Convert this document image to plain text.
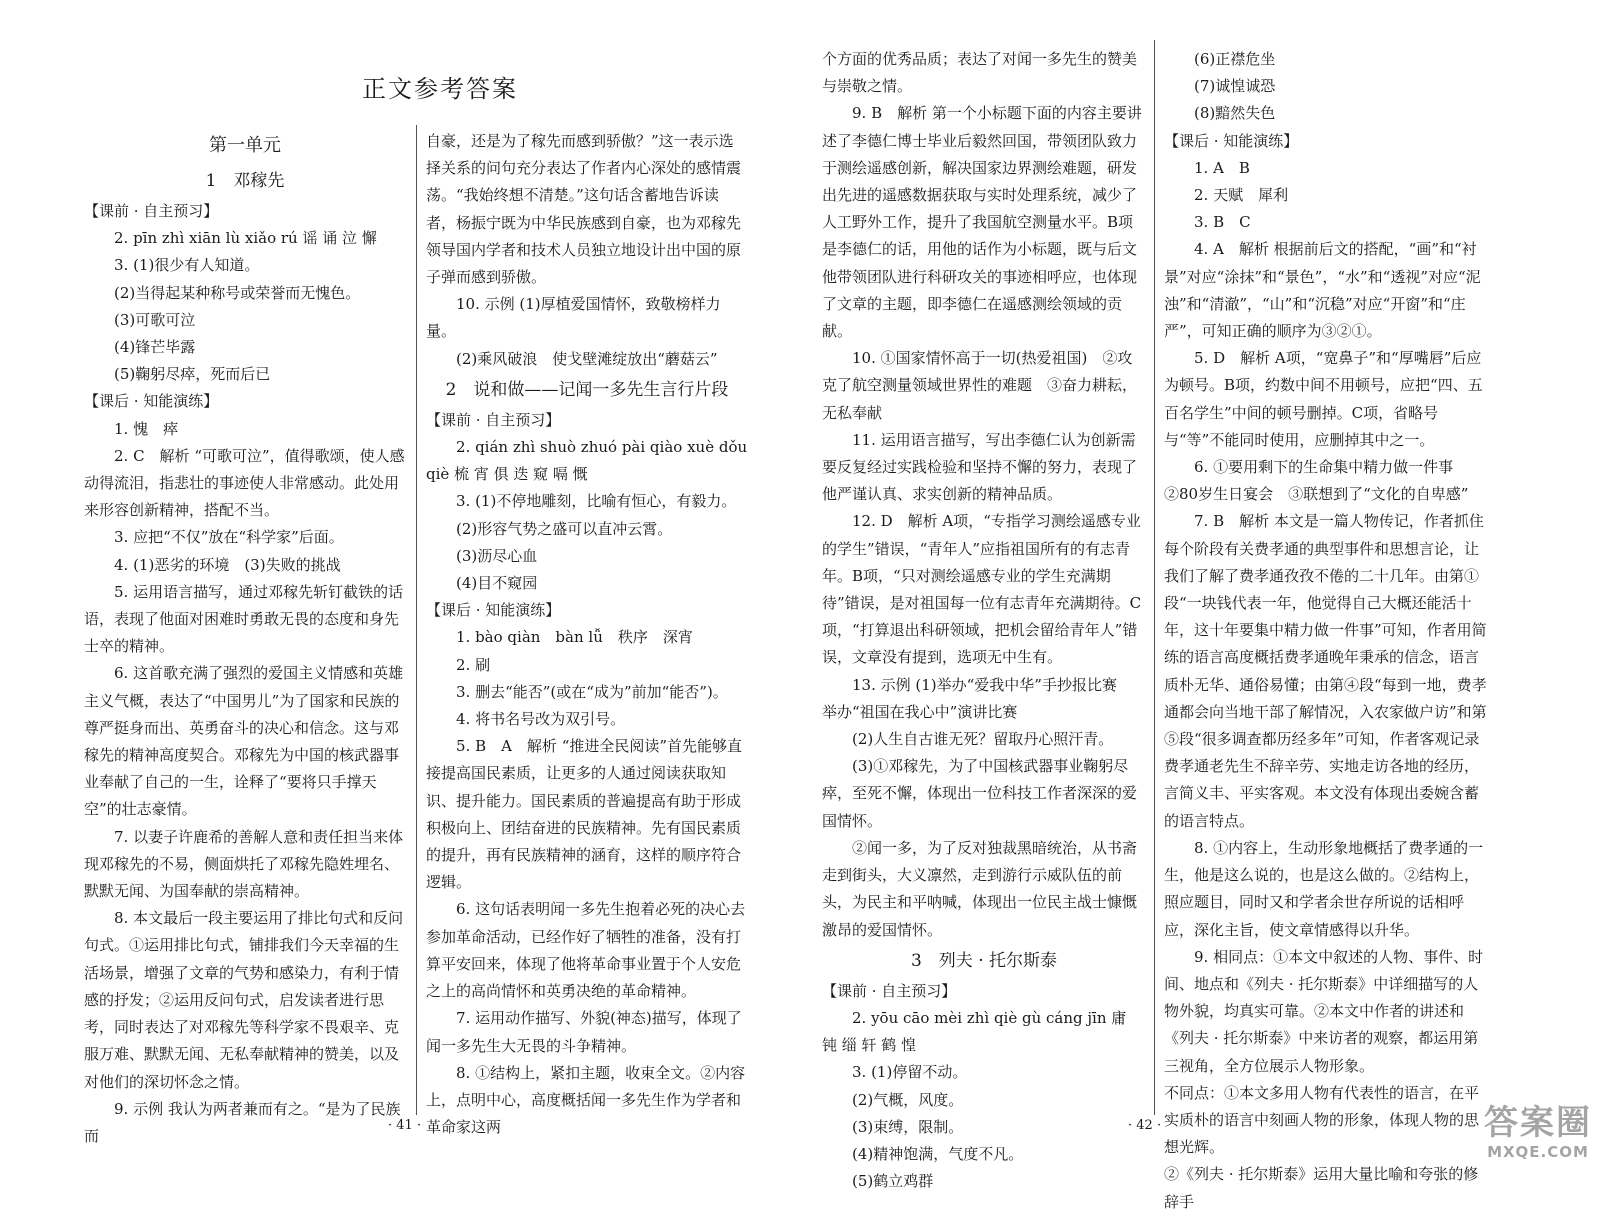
正文参考答案
第一单元
1　邓稼先

【课前 · 自主预习】

2. pīn zhì xiān lù xiǎo rú 谣 诵 泣 懈

3. (1)很少有人知道。

(2)当得起某种称号或荣誉而无愧色。

(3)可歌可泣

(4)锋芒毕露

(5)鞠躬尽瘁，死而后已

【课后 · 知能演练】

1. 愧　瘁

2. C　解析 “可歌可泣”，值得歌颂，使人感动得流泪，指悲壮的事迹使人非常感动。此处用来形容创新精神，搭配不当。

3. 应把“不仅”放在“科学家”后面。

4. (1)恶劣的环境　(3)失败的挑战

5. 运用语言描写，通过邓稼先斩钉截铁的话语，表现了他面对困难时勇敢无畏的态度和身先士卒的精神。

6. 这首歌充满了强烈的爱国主义情感和英雄主义气概，表达了“中国男儿”为了国家和民族的尊严挺身而出、英勇奋斗的决心和信念。这与邓稼先的精神高度契合。邓稼先为中国的核武器事业奉献了自己的一生，诠释了“要将只手撑天空”的壮志豪情。

7. 以妻子许鹿希的善解人意和责任担当来体现邓稼先的不易，侧面烘托了邓稼先隐姓埋名、默默无闻、为国奉献的崇高精神。

8. 本文最后一段主要运用了排比句式和反问句式。①运用排比句式，铺排我们今天幸福的生活场景，增强了文章的气势和感染力，有利于情感的抒发；②运用反问句式，启发读者进行思考，同时表达了对邓稼先等科学家不畏艰辛、克服万难、默默无闻、无私奉献精神的赞美，以及对他们的深切怀念之情。

9. 示例 我认为两者兼而有之。“是为了民族而

自豪，还是为了稼先而感到骄傲？”这一表示选择关系的问句充分表达了作者内心深处的感情震荡。“我始终想不清楚。”这句话含蓄地告诉读者，杨振宁既为中华民族感到自豪，也为邓稼先领导国内学者和技术人员独立地设计出中国的原子弹而感到骄傲。

10. 示例 (1)厚植爱国情怀，致敬榜样力量。

(2)乘风破浪　使戈壁滩绽放出“蘑菇云”

2　说和做——记闻一多先生言行片段

【课前 · 自主预习】

2. qián zhì shuò zhuó pài qiào xuè dǒu qiè 梳 宵 俱 迭 窥 嗝 慨

3. (1)不停地雕刻，比喻有恒心，有毅力。

(2)形容气势之盛可以直冲云霄。

(3)沥尽心血

(4)目不窥园

【课后 · 知能演练】

1. bào qiàn　bàn lǚ　秩序　深宵

2. 刷

3. 删去“能否”(或在“成为”前加“能否”)。

4. 将书名号改为双引号。

5. B　A　解析 “推进全民阅读”首先能够直接提高国民素质，让更多的人通过阅读获取知识、提升能力。国民素质的普遍提高有助于形成积极向上、团结奋进的民族精神。先有国民素质的提升，再有民族精神的涵育，这样的顺序符合逻辑。

6. 这句话表明闻一多先生抱着必死的决心去参加革命活动，已经作好了牺牲的准备，没有打算平安回来，体现了他将革命事业置于个人安危之上的高尚情怀和英勇决绝的革命精神。

7. 运用动作描写、外貌(神态)描写，体现了闻一多先生大无畏的斗争精神。

8. ①结构上，紧扣主题，收束全文。②内容上，点明中心，高度概括闻一多先生作为学者和革命家这两

· 41 ·

个方面的优秀品质；表达了对闻一多先生的赞美与崇敬之情。

9. B　解析 第一个小标题下面的内容主要讲述了李德仁博士毕业后毅然回国，带领团队致力于测绘遥感创新，解决国家边界测绘难题，研发出先进的遥感数据获取与实时处理系统，减少了人工野外工作，提升了我国航空测量水平。B项是李德仁的话，用他的话作为小标题，既与后文他带领团队进行科研攻关的事迹相呼应，也体现了文章的主题，即李德仁在遥感测绘领域的贡献。

10. ①国家情怀高于一切(热爱祖国)　②攻克了航空测量领域世界性的难题　③奋力耕耘，无私奉献

11. 运用语言描写，写出李德仁认为创新需要反复经过实践检验和坚持不懈的努力，表现了他严谨认真、求实创新的精神品质。

12. D　解析 A项，“专指学习测绘遥感专业的学生”错误，“青年人”应指祖国所有的有志青年。B项，“只对测绘遥感专业的学生充满期待”错误，是对祖国每一位有志青年充满期待。C项，“打算退出科研领域，把机会留给青年人”错误，文章没有提到，选项无中生有。

13. 示例 (1)举办“爱我中华”手抄报比赛　举办“祖国在我心中”演讲比赛

(2)人生自古谁无死？留取丹心照汗青。

(3)①邓稼先，为了中国核武器事业鞠躬尽瘁，至死不懈，体现出一位科技工作者深深的爱国情怀。

②闻一多，为了反对独裁黑暗统治，从书斋走到街头，大义凛然，走到游行示威队伍的前头，为民主和平呐喊，体现出一位民主战士慷慨激昂的爱国情怀。

3　列夫 · 托尔斯泰

【课前 · 自主预习】

2. yōu cāo mèi zhì qiè gù cáng jīn 庸 钝 缁 轩 鹤 惶

3. (1)停留不动。

(2)气概，风度。

(3)束缚，限制。

(4)精神饱满，气度不凡。

(5)鹤立鸡群

(6)正襟危坐

(7)诚惶诚恐

(8)黯然失色

【课后 · 知能演练】

1. A　B

2. 天赋　犀利

3. B　C

4. A　解析 根据前后文的搭配，“画”和“衬景”对应“涂抹”和“景色”，“水”和“透视”对应“泥浊”和“清澈”，“山”和“沉稳”对应“开窗”和“庄严”，可知正确的顺序为③②①。

5. D　解析 A项，“宽鼻子”和“厚嘴唇”后应为顿号。B项，约数中间不用顿号，应把“四、五百名学生”中间的顿号删掉。C项，省略号与“等”不能同时使用，应删掉其中之一。

6. ①要用剩下的生命集中精力做一件事　②80岁生日宴会　③联想到了“文化的自卑感”

7. B　解析 本文是一篇人物传记，作者抓住每个阶段有关费孝通的典型事件和思想言论，让我们了解了费孝通孜孜不倦的二十几年。由第①段“一块钱代表一年，他觉得自己大概还能活十年，这十年要集中精力做一件事”可知，作者用简练的语言高度概括费孝通晚年秉承的信念，语言质朴无华、通俗易懂；由第④段“每到一地，费孝通都会向当地干部了解情况，入农家做户访”和第⑤段“很多调查都历经多年”可知，作者客观记录费孝通老先生不辞辛劳、实地走访各地的经历，言简义丰、平实客观。本文没有体现出委婉含蓄的语言特点。

8. ①内容上，生动形象地概括了费孝通的一生，他是这么说的，也是这么做的。②结构上，照应题目，同时又和学者余世存所说的话相呼应，深化主旨，使文章情感得以升华。

9. 相同点：①本文中叙述的人物、事件、时间、地点和《列夫 · 托尔斯泰》中详细描写的人物外貌，均真实可靠。②本文中作者的讲述和《列夫 · 托尔斯泰》中来访者的观察，都运用第三视角，全方位展示人物形象。

不同点：①本文多用人物有代表性的语言，在平实质朴的语言中刻画人物的形象，体现人物的思想光辉。

②《列夫 · 托尔斯泰》运用大量比喻和夸张的修辞手

· 42 ·	答案圈
MXQE.COM
